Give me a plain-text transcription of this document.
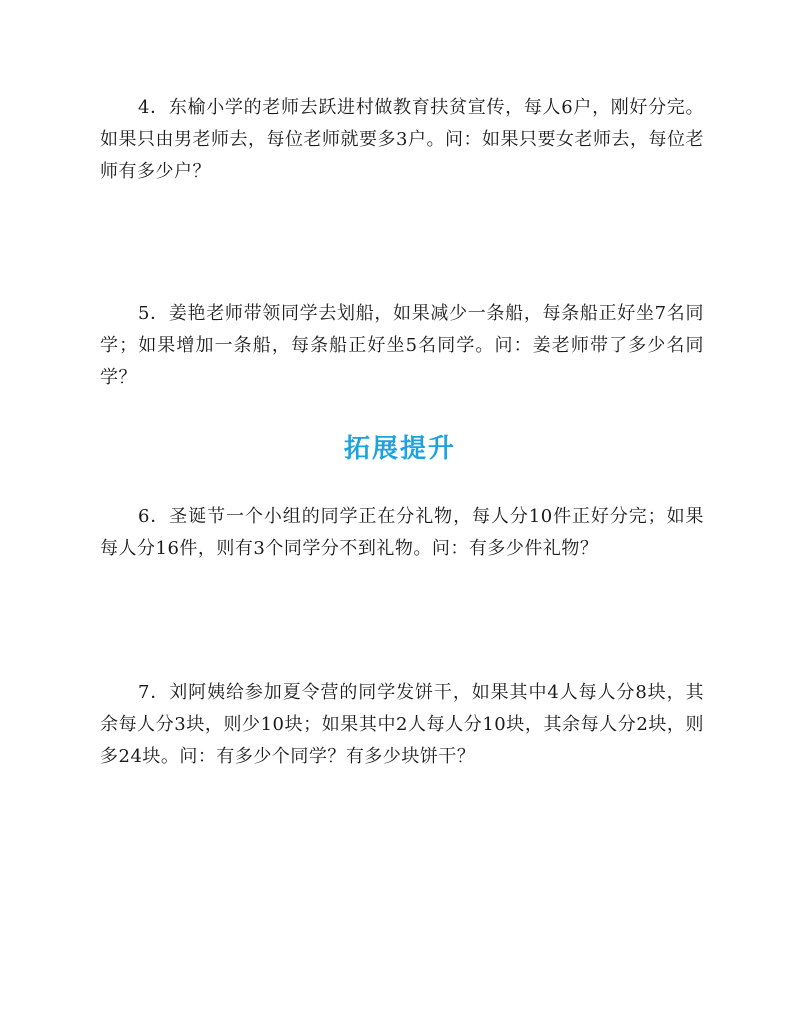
4．东榆小学的老师去跃进村做教育扶贫宣传，每人6户，刚好分完。如果只由男老师去，每位老师就要多3户。问：如果只要女老师去，每位老师有多少户？

5．姜艳老师带领同学去划船，如果减少一条船，每条船正好坐7名同学；如果增加一条船，每条船正好坐5名同学。问：姜老师带了多少名同学？

拓展提升

6．圣诞节一个小组的同学正在分礼物，每人分10件正好分完；如果每人分16件，则有3个同学分不到礼物。问：有多少件礼物？

7．刘阿姨给参加夏令营的同学发饼干，如果其中4人每人分8块，其余每人分3块，则少10块；如果其中2人每人分10块，其余每人分2块，则多24块。问：有多少个同学？有多少块饼干？
